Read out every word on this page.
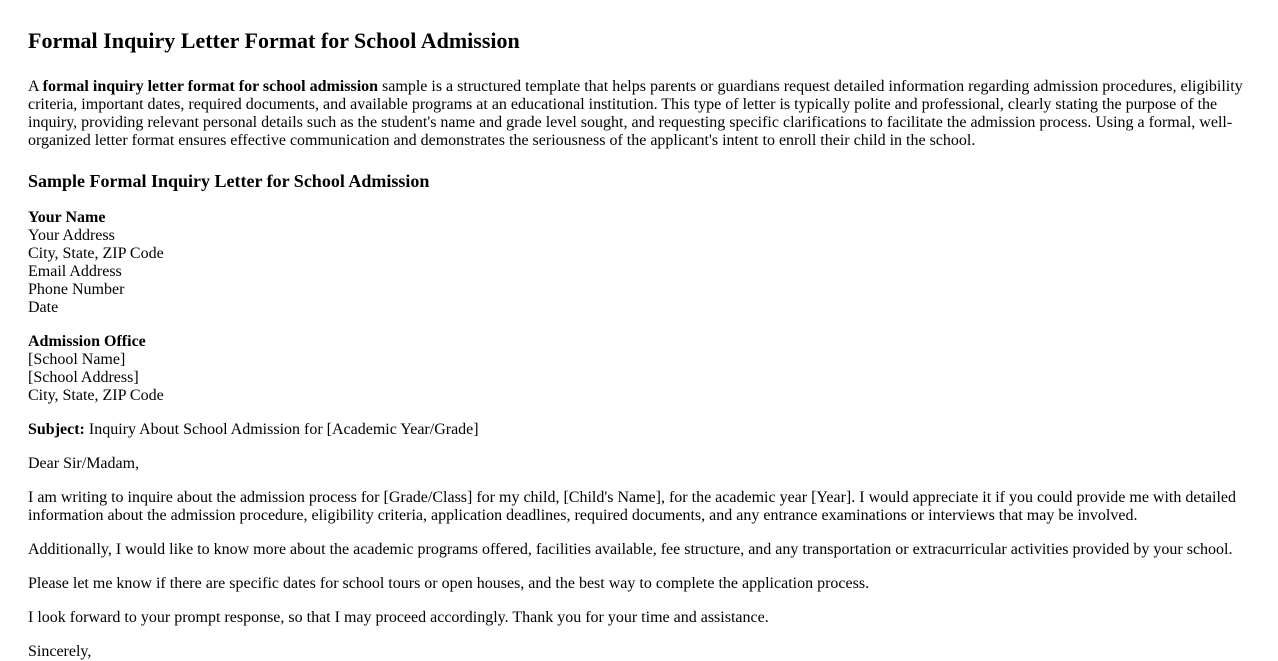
Formal Inquiry Letter Format for School Admission

A formal inquiry letter format for school admission sample is a structured template that helps parents or guardians request detailed information regarding admission procedures, eligibility criteria, important dates, required documents, and available programs at an educational institution. This type of letter is typically polite and professional, clearly stating the purpose of the inquiry, providing relevant personal details such as the student's name and grade level sought, and requesting specific clarifications to facilitate the admission process. Using a formal, well-organized letter format ensures effective communication and demonstrates the seriousness of the applicant's intent to enroll their child in the school.

Sample Formal Inquiry Letter for School Admission

Your Name
Your Address
City, State, ZIP Code
Email Address
Phone Number
Date

Admission Office
[School Name]
[School Address]
City, State, ZIP Code

Subject: Inquiry About School Admission for [Academic Year/Grade]

Dear Sir/Madam,

I am writing to inquire about the admission process for [Grade/Class] for my child, [Child's Name], for the academic year [Year]. I would appreciate it if you could provide me with detailed information about the admission procedure, eligibility criteria, application deadlines, required documents, and any entrance examinations or interviews that may be involved.

Additionally, I would like to know more about the academic programs offered, facilities available, fee structure, and any transportation or extracurricular activities provided by your school.

Please let me know if there are specific dates for school tours or open houses, and the best way to complete the application process.

I look forward to your prompt response, so that I may proceed accordingly. Thank you for your time and assistance.

Sincerely,
